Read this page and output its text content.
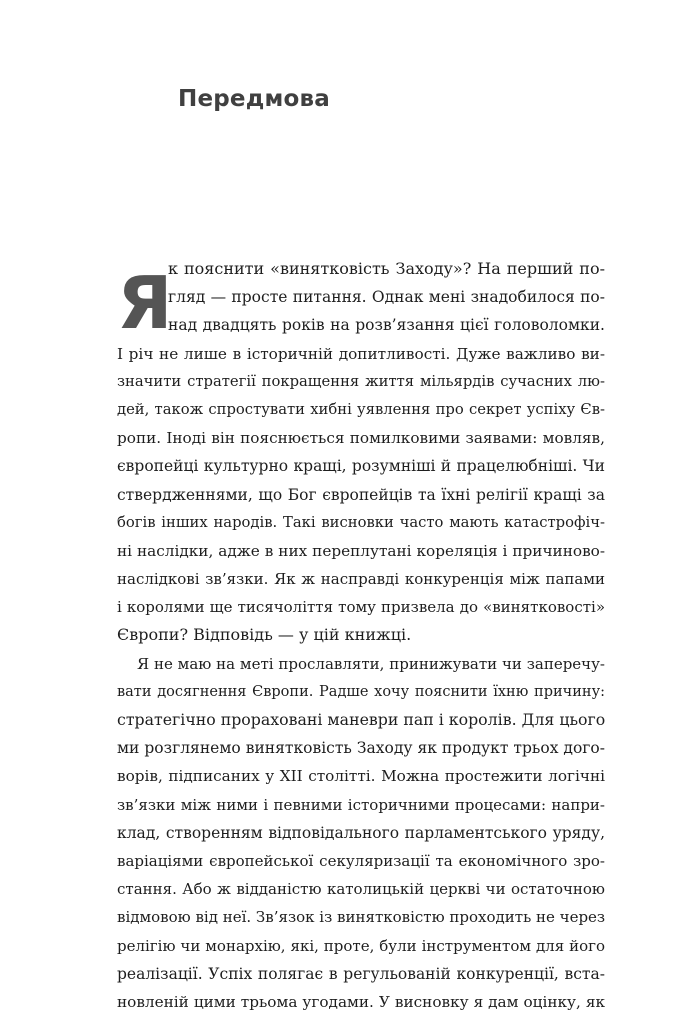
Передмова
Я
к пояснити «винятковість Заходу»? На перший по-
гляд — просте питання. Однак мені знадобилося по-
над двадцять років на розв’язання цієї головоломки.
І річ не лише в історичній допитливості. Дуже важливо ви-
значити стратегії покращення життя мільярдів сучасних лю-
дей, також спростувати хибні уявлення про секрет успіху Єв-
ропи. Іноді він пояснюється помилковими заявами: мовляв,
європейці культурно кращі, розумніші й працелюбніші. Чи
ствердженнями, що Бог європейців та їхні релігії кращі за
богів інших народів. Такі висновки часто мають катастрофіч-
ні наслідки, адже в них переплутані кореляція і причиново-
наслідкові зв’язки. Як ж насправді конкуренція між папами
і королями ще тисячоліття тому призвела до «винятковості»
Європи? Відповідь — у цій книжці.
Я не маю на меті прославляти, принижувати чи заперечу-
вати досягнення Європи. Радше хочу пояснити їхню причину:
стратегічно прораховані маневри пап і королів. Для цього
ми розглянемо винятковість Заходу як продукт трьох дого-
ворів, підписаних у XII столітті. Можна простежити логічні
зв’язки між ними і певними історичними процесами: напри-
клад, створенням відповідального парламентського уряду,
варіаціями європейської секуляризації та економічного зро-
стання. Або ж відданістю католицькій церкві чи остаточною
відмовою від неї. Зв’язок із винятковістю проходить не через
релігію чи монархію, які, проте, були інструментом для його
реалізації. Успіх полягає в регульованій конкуренції, вста-
новленій цими трьома угодами. У висновку я дам оцінку, як
